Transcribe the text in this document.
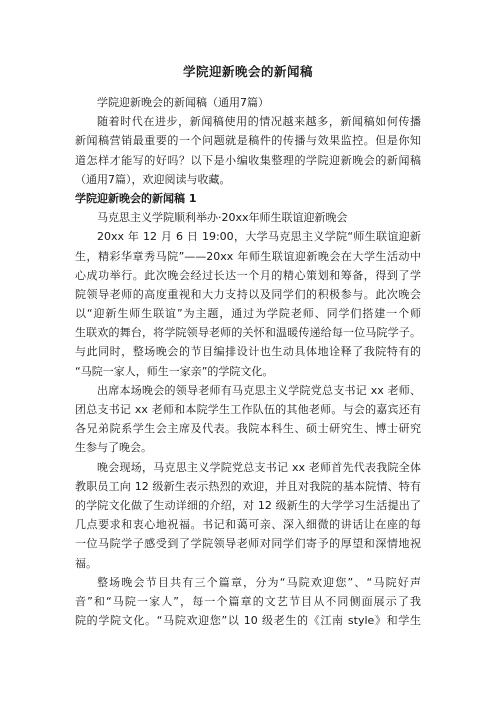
学院迎新晚会的新闻稿
学院迎新晚会的新闻稿（通用7篇）
随着时代在进步，新闻稿使用的情况越来越多，新闻稿如何传播
新闻稿营销最重要的一个问题就是稿件的传播与效果监控。但是你知
道怎样才能写的好吗？以下是小编收集整理的学院迎新晚会的新闻稿
（通用7篇），欢迎阅读与收藏。
学院迎新晚会的新闻稿 1
马克思主义学院顺利举办·20xx年师生联谊迎新晚会
20xx 年 12 月 6 日 19:00，大学马克思主义学院“师生联谊迎新
生，精彩华章秀马院”——20xx 年师生联谊迎新晚会在大学生活动中
心成功举行。此次晚会经过长达一个月的精心策划和筹备，得到了学
院领导老师的高度重视和大力支持以及同学们的积极参与。此次晚会
以“迎新生师生联谊”为主题，通过为学院老师、同学们搭建一个师
生联欢的舞台，将学院领导老师的关怀和温暖传递给每一位马院学子。
与此同时，整场晚会的节目编排设计也生动具体地诠释了我院特有的
“马院一家人，师生一家亲”的学院文化。
出席本场晚会的领导老师有马克思主义学院党总支书记 xx 老师、
团总支书记 xx 老师和本院学生工作队伍的其他老师。与会的嘉宾还有
各兄弟院系学生会主席及代表。我院本科生、硕士研究生、博士研究
生参与了晚会。
晚会现场，马克思主义学院党总支书记 xx 老师首先代表我院全体
教职员工向 12 级新生表示热烈的欢迎，并且对我院的基本院情、特有
的学院文化做了生动详细的介绍，对 12 级新生的大学学习生活提出了
几点要求和衷心地祝福。书记和蔼可亲、深入细微的讲话让在座的每
一位马院学子感受到了学院领导老师对同学们寄予的厚望和深情地祝
福。
整场晚会节目共有三个篇章，分为“马院欢迎您”、“马院好声
音”和“马院一家人”，每一个篇章的文艺节目从不同侧面展示了我
院的学院文化。“马院欢迎您”以 10 级老生的《江南 style》和学生
